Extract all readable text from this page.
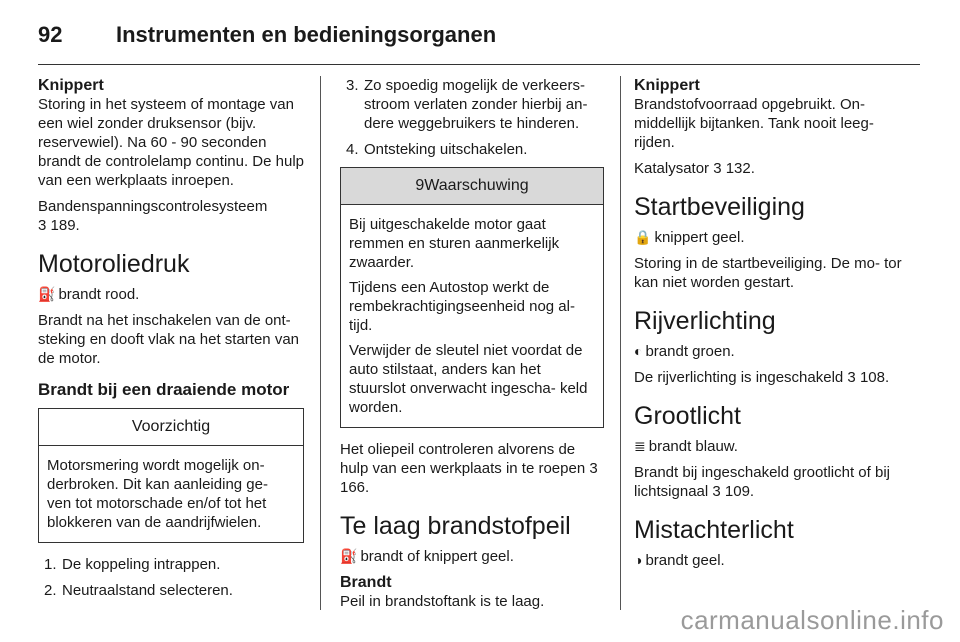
92 Instrumenten en bedieningsorganen
Knippert

Storing in het systeem of montage van een wiel zonder druksensor (bijv. reservewiel). Na 60 - 90 seconden brandt de controlelamp continu. De hulp van een werkplaats inroepen.

Bandenspanningscontrolesysteem
3 189.

Motoroliedruk

⛽ brandt rood.

Brandt na het inschakelen van de ont- steking en dooft vlak na het starten van de motor.

Brandt bij een draaiende motor
Voorzichtig

Motorsmering wordt mogelijk on- derbroken. Dit kan aanleiding ge- ven tot motorschade en/of tot het blokkeren van de aandrijfwielen.

1. De koppeling intrappen.
2. Neutraalstand selecteren.
3. Zo spoedig mogelijk de verkeers- stroom verlaten zonder hierbij an- dere weggebruikers te hinderen.
4. Ontsteking uitschakelen.
9Waarschuwing

Bij uitgeschakelde motor gaat remmen en sturen aanmerkelijk zwaarder.

Tijdens een Autostop werkt de rembekrachtigingseenheid nog al- tijd.

Verwijder de sleutel niet voordat de auto stilstaat, anders kan het stuurslot onverwacht ingescha- keld worden.

Het oliepeil controleren alvorens de hulp van een werkplaats in te roepen 3 166.

Te laag brandstofpeil

⛽ brandt of knippert geel.

Brandt

Peil in brandstoftank is te laag.

Knippert

Brandstofvoorraad opgebruikt. On- middellijk bijtanken. Tank nooit leeg- rijden.

Katalysator 3 132.

Startbeveiliging

🔒 knippert geel.

Storing in de startbeveiliging. De mo- tor kan niet worden gestart.

Rijverlichting

◐ brandt groen.

De rijverlichting is ingeschakeld 3 108.

Grootlicht

≣ brandt blauw.

Brandt bij ingeschakeld grootlicht of bij lichtsignaal 3 109.

Mistachterlicht

◑ brandt geel.

carmanualsonline.info
